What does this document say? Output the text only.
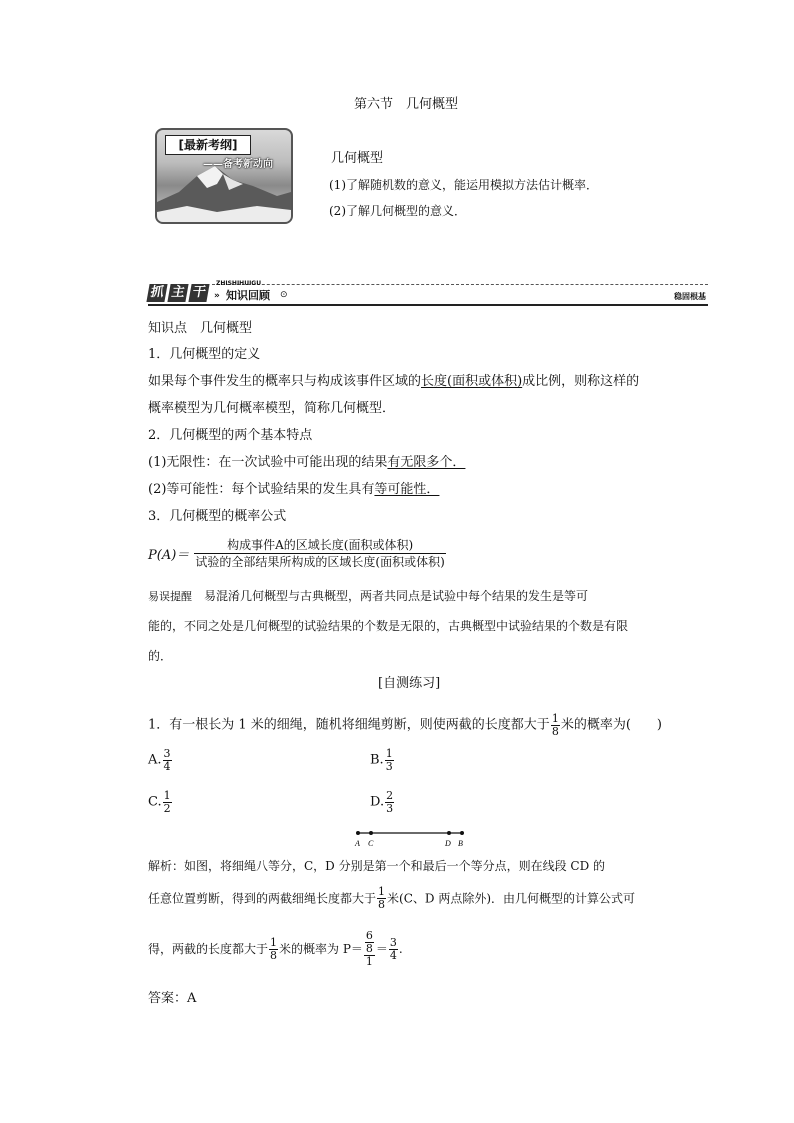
第六节　几何概型
[最新考纲]
——备考新动向	几何概型
(1)了解随机数的意义，能运用模拟方法估计概率．
(2)了解几何概型的意义．
抓 主 干
ZHISHIHUIGU
» 知识回顾 ⊙	稳固根基
知识点　几何概型
1．几何概型的定义
如果每个事件发生的概率只与构成该事件区域的长度(面积或体积)成比例，则称这样的
概率模型为几何概率模型，简称几何概型．
2．几何概型的两个基本特点
(1)无限性：在一次试验中可能出现的结果有无限多个．
(2)等可能性：每个试验结果的发生具有等可能性．
3．几何概型的概率公式
$P(A)= \frac{\text{构成事件A的区域长度(面积或体积)}}{\text{试验的全部结果所构成的区域长度(面积或体积)}}$
易误提醒　 易混淆几何概型与古典概型，两者共同点是试验中每个结果的发生是等可
能的，不同之处是几何概型的试验结果的个数是无限的，古典概型中试验结果的个数是有限
的．
[自测练习]
1．有一根长为 1 米的细绳，随机将细绳剪断，则使两截的长度都大于 $\frac{1}{8}$ 米的概率为(　　)
A. $\frac{3}{4}$	B. $\frac{1}{3}$
C. $\frac{1}{2}$	D. $\frac{2}{3}$
A C	D B
解析：如图，将细绳八等分，C，D 分别是第一个和最后一个等分点，则在线段 CD 的
任意位置剪断，得到的两截细绳长度都大于 $\frac{1}{8}$ 米(C、D 两点除外)．由几何概型的计算公式可
得，两截的长度都大于 $\frac{1}{8}$ 米的概率为 $P= \frac{\frac{6}{8}}{1} = \frac{3}{4}$ .
答案：A
